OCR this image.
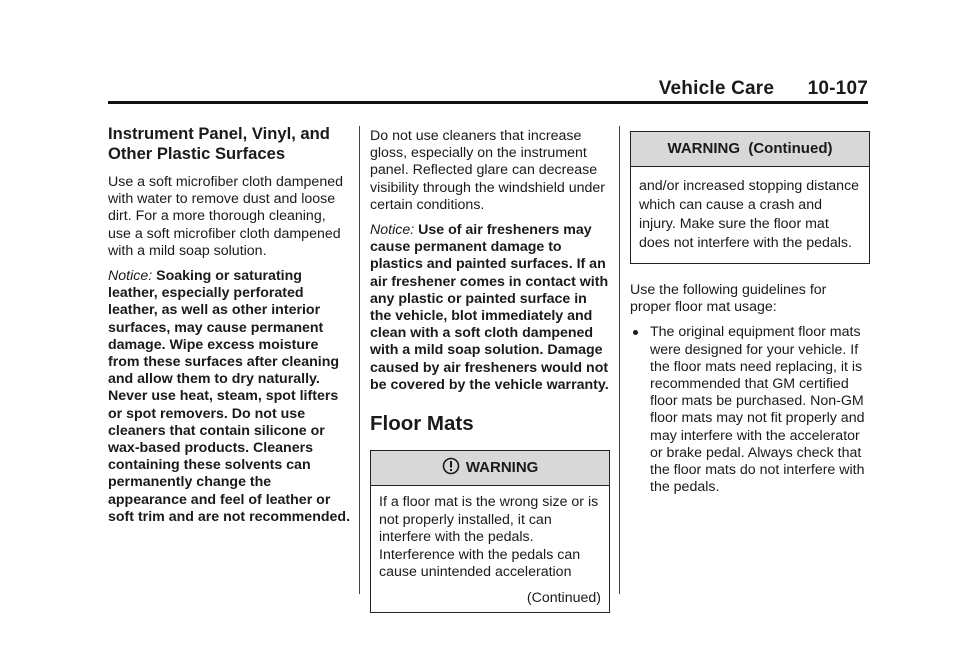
Vehicle Care 10-107
Instrument Panel, Vinyl, and Other Plastic Surfaces

Use a soft microfiber cloth dampened with water to remove dust and loose dirt. For a more thorough cleaning, use a soft microfiber cloth dampened with a mild soap solution.

Notice: Soaking or saturating leather, especially perforated leather, as well as other interior surfaces, may cause permanent damage. Wipe excess moisture from these surfaces after cleaning and allow them to dry naturally. Never use heat, steam, spot lifters or spot removers. Do not use cleaners that contain silicone or wax-based products. Cleaners containing these solvents can permanently change the appearance and feel of leather or soft trim and are not recommended.

Do not use cleaners that increase gloss, especially on the instrument panel. Reflected glare can decrease visibility through the windshield under certain conditions.

Notice: Use of air fresheners may cause permanent damage to plastics and painted surfaces. If an air freshener comes in contact with any plastic or painted surface in the vehicle, blot immediately and clean with a soft cloth dampened with a mild soap solution. Damage caused by air fresheners would not be covered by the vehicle warranty.

Floor Mats
WARNING
If a floor mat is the wrong size or is not properly installed, it can interfere with the pedals. Interference with the pedals can cause unintended acceleration
(Continued)
WARNING  (Continued)
and/or increased stopping distance which can cause a crash and injury. Make sure the floor mat does not interfere with the pedals.

Use the following guidelines for proper floor mat usage:

The original equipment floor mats were designed for your vehicle. If the floor mats need replacing, it is recommended that GM certified floor mats be purchased. Non-GM floor mats may not fit properly and may interfere with the accelerator or brake pedal. Always check that the floor mats do not interfere with the pedals.
